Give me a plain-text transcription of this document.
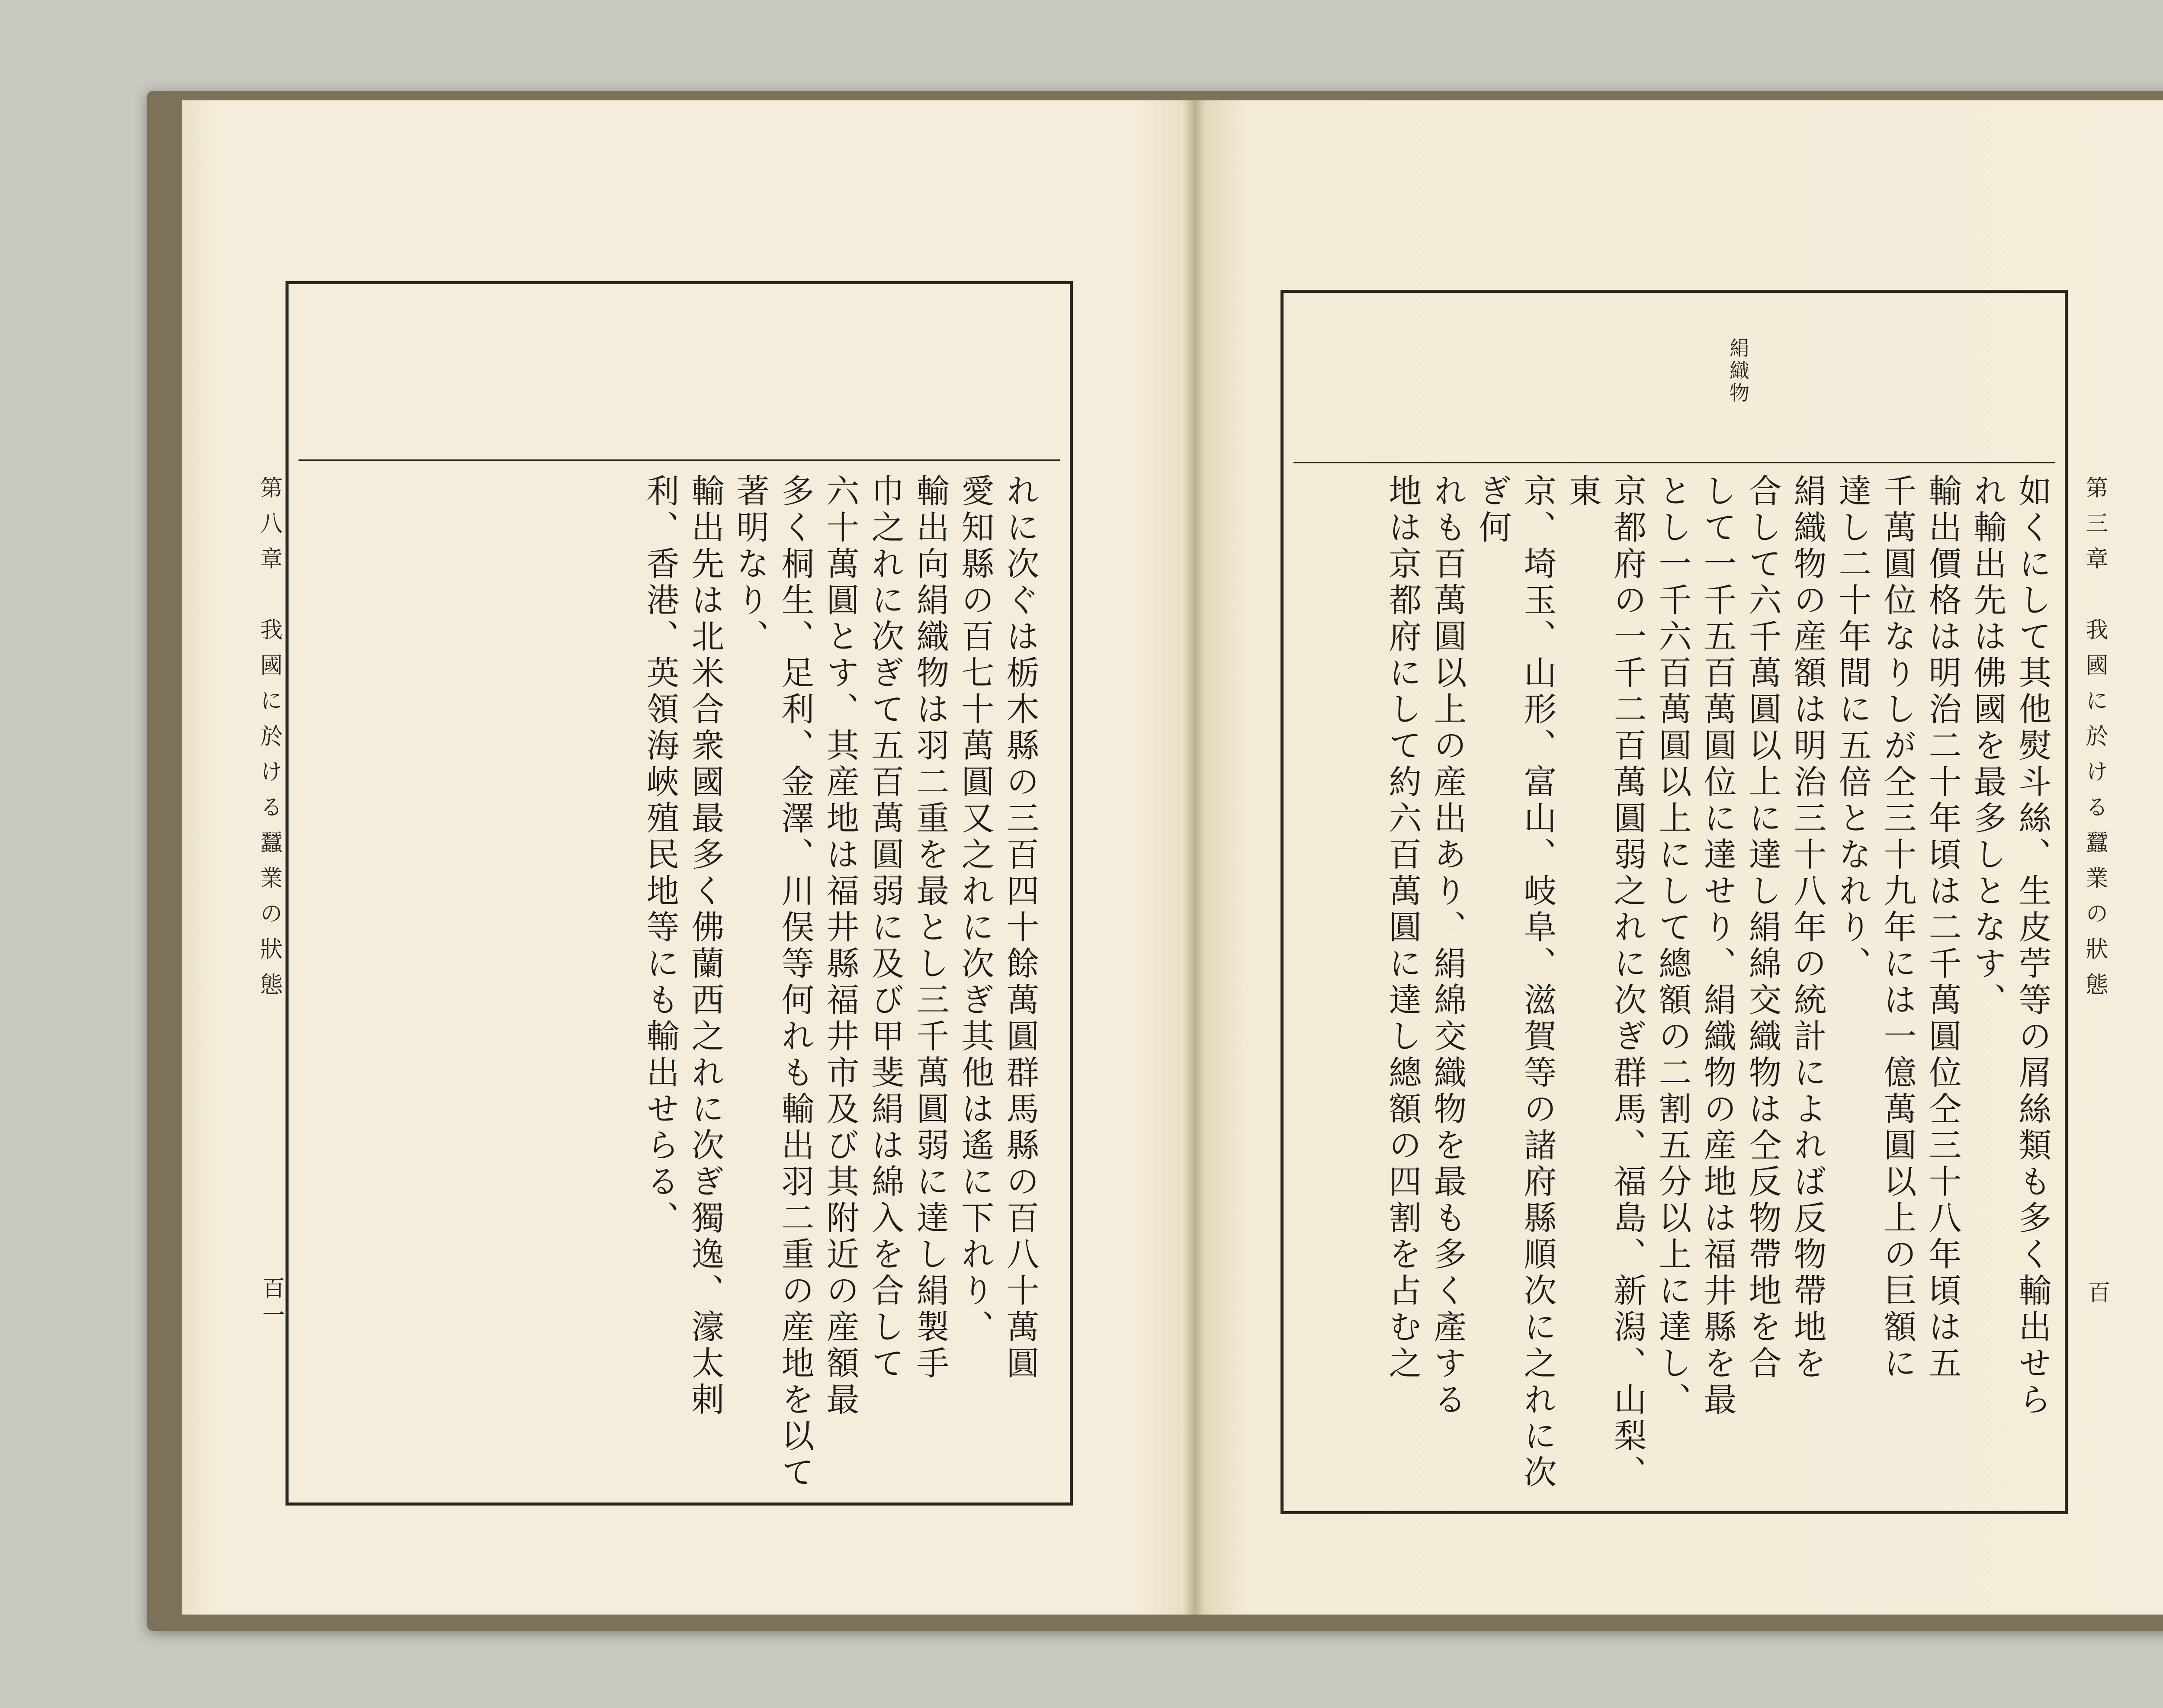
第八章　我國に於ける蠶業の狀態
百一	れに次ぐは栃木縣の三百四十餘萬圓群馬縣の百八十萬圓
愛知縣の百七十萬圓又之れに次ぎ其他は遙に下れり、
輸出向絹織物は羽二重を最とし三千萬圓弱に達し絹製手
巾之れに次ぎて五百萬圓弱に及び甲斐絹は綿入を合して
六十萬圓とす、其産地は福井縣福井市及び其附近の産額最
多く桐生、足利、金澤、川俣等何れも輸出羽二重の産地を以て
著明なり、
輸出先は北米合衆國最多く佛蘭西之れに次ぎ獨逸、濠太剌
利、香港、英領海峽殖民地等にも輸出せらる、
絹織物
如くにして其他熨斗絲、生皮苧等の屑絲類も多く輸出せら
れ輸出先は佛國を最多しとなす、
輸出價格は明治二十年頃は二千萬圓位仝三十八年頃は五
千萬圓位なりしが仝三十九年には一億萬圓以上の巨額に
達し二十年間に五倍となれり、
絹織物の産額は明治三十八年の統計によれば反物帶地を
合して六千萬圓以上に達し絹綿交織物は仝反物帶地を合
して一千五百萬圓位に達せり、絹織物の産地は福井縣を最
とし一千六百萬圓以上にして總額の二割五分以上に達し、
京都府の一千二百萬圓弱之れに次ぎ群馬、福島、新潟、山梨、東
京、埼玉、山形、富山、岐阜、滋賀等の諸府縣順次に之れに次ぎ何
れも百萬圓以上の産出あり、絹綿交織物を最も多く產する
地は京都府にして約六百萬圓に達し總額の四割を占む之	第三章　我國に於ける蠶業の狀態
百
